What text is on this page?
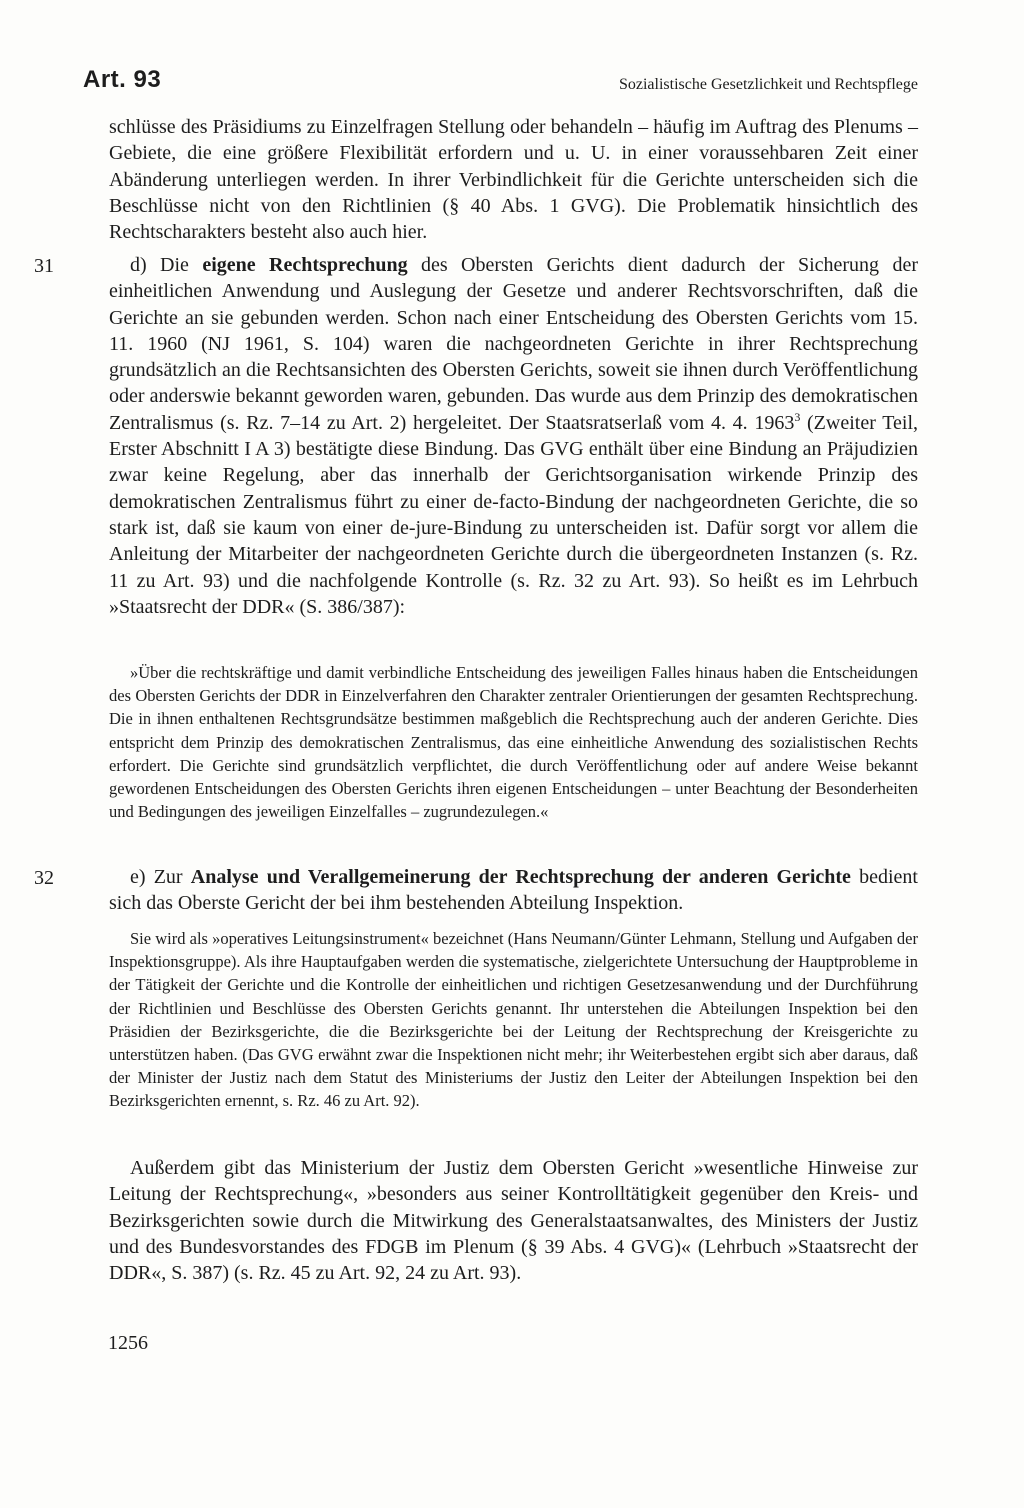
Art. 93	Sozialistische Gesetzlichkeit und Rechtspflege

schlüsse des Präsidiums zu Einzelfragen Stellung oder behandeln – häufig im Auftrag des Plenums – Gebiete, die eine größere Flexibilität erfordern und u. U. in einer voraussehbaren Zeit einer Abänderung unterliegen werden. In ihrer Verbindlichkeit für die Gerichte unterscheiden sich die Beschlüsse nicht von den Richtlinien (§ 40 Abs. 1 GVG). Die Problematik hinsichtlich des Rechtscharakters besteht also auch hier.

31	d) Die eigene Rechtsprechung des Obersten Gerichts dient dadurch der Sicherung der einheitlichen Anwendung und Auslegung der Gesetze und anderer Rechtsvorschriften, daß die Gerichte an sie gebunden werden. Schon nach einer Entscheidung des Obersten Gerichts vom 15. 11. 1960 (NJ 1961, S. 104) waren die nachgeordneten Gerichte in ihrer Rechtsprechung grundsätzlich an die Rechtsansichten des Obersten Gerichts, soweit sie ihnen durch Veröffentlichung oder anderswie bekannt geworden waren, gebunden. Das wurde aus dem Prinzip des demokratischen Zentralismus (s. Rz. 7–14 zu Art. 2) hergeleitet. Der Staatsratserlaß vom 4. 4. 1963$^3$ (Zweiter Teil, Erster Abschnitt I A 3) bestätigte diese Bindung. Das GVG enthält über eine Bindung an Präjudizien zwar keine Regelung, aber das innerhalb der Gerichtsorganisation wirkende Prinzip des demokratischen Zentralismus führt zu einer de-facto-Bindung der nachgeordneten Gerichte, die so stark ist, daß sie kaum von einer de-jure-Bindung zu unterscheiden ist. Dafür sorgt vor allem die Anleitung der Mitarbeiter der nachgeordneten Gerichte durch die übergeordneten Instanzen (s. Rz. 11 zu Art. 93) und die nachfolgende Kontrolle (s. Rz. 32 zu Art. 93). So heißt es im Lehrbuch »Staatsrecht der DDR« (S. 386/387):

»Über die rechtskräftige und damit verbindliche Entscheidung des jeweiligen Falles hinaus haben die Entscheidungen des Obersten Gerichts der DDR in Einzelverfahren den Charakter zentraler Orientierungen der gesamten Rechtsprechung. Die in ihnen enthaltenen Rechtsgrundsätze bestimmen maßgeblich die Rechtsprechung auch der anderen Gerichte. Dies entspricht dem Prinzip des demokratischen Zentralismus, das eine einheitliche Anwendung des sozialistischen Rechts erfordert. Die Gerichte sind grundsätzlich verpflichtet, die durch Veröffentlichung oder auf andere Weise bekannt gewordenen Entscheidungen des Obersten Gerichts ihren eigenen Entscheidungen – unter Beachtung der Besonderheiten und Bedingungen des jeweiligen Einzelfalles – zugrundezulegen.«

32	e) Zur Analyse und Verallgemeinerung der Rechtsprechung der anderen Gerichte bedient sich das Oberste Gericht der bei ihm bestehenden Abteilung Inspektion.

Sie wird als »operatives Leitungsinstrument« bezeichnet (Hans Neumann/Günter Lehmann, Stellung und Aufgaben der Inspektionsgruppe). Als ihre Hauptaufgaben werden die systematische, zielgerichtete Untersuchung der Hauptprobleme in der Tätigkeit der Gerichte und die Kontrolle der einheitlichen und richtigen Gesetzesanwendung und der Durchführung der Richtlinien und Beschlüsse des Obersten Gerichts genannt. Ihr unterstehen die Abteilungen Inspektion bei den Präsidien der Bezirksgerichte, die die Bezirksgerichte bei der Leitung der Rechtsprechung der Kreisgerichte zu unterstützen haben. (Das GVG erwähnt zwar die Inspektionen nicht mehr; ihr Weiterbestehen ergibt sich aber daraus, daß der Minister der Justiz nach dem Statut des Ministeriums der Justiz den Leiter der Abteilungen Inspektion bei den Bezirksgerichten ernennt, s. Rz. 46 zu Art. 92).

Außerdem gibt das Ministerium der Justiz dem Obersten Gericht »wesentliche Hinweise zur Leitung der Rechtsprechung«, »besonders aus seiner Kontrolltätigkeit gegenüber den Kreis- und Bezirksgerichten sowie durch die Mitwirkung des Generalstaatsanwaltes, des Ministers der Justiz und des Bundesvorstandes des FDGB im Plenum (§ 39 Abs. 4 GVG)« (Lehrbuch »Staatsrecht der DDR«, S. 387) (s. Rz. 45 zu Art. 92, 24 zu Art. 93).

1256
